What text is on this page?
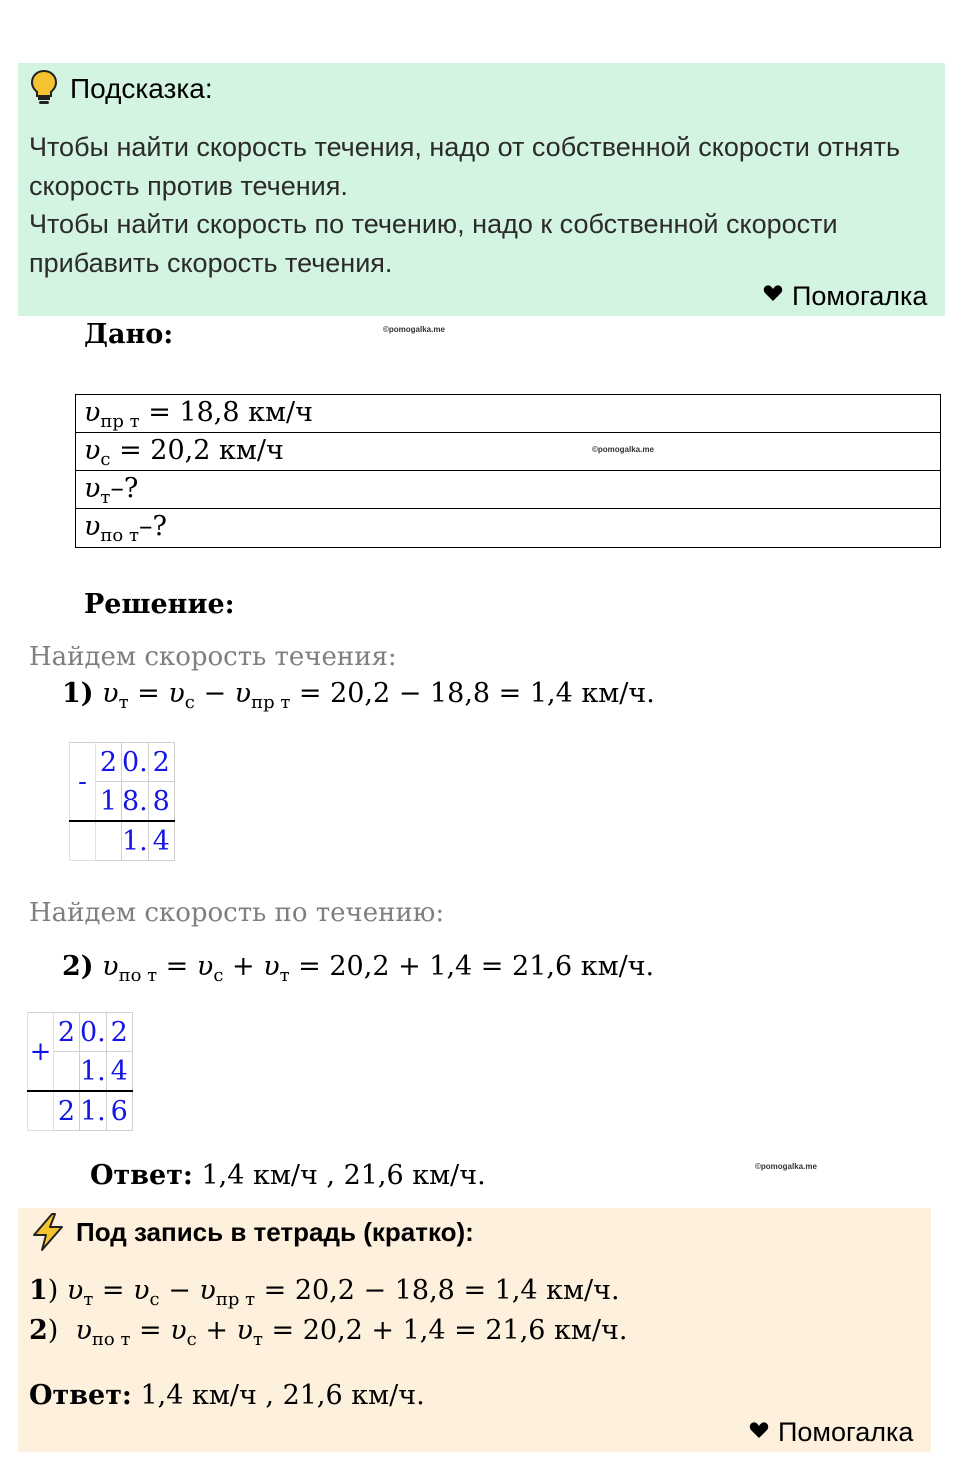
Подсказка:
Чтобы найти скорость течения, надо от собственной скорости отнять скорость против течения.
Чтобы найти скорость по течению, надо к собственной скорости прибавить скорость течения.
Помогалка
Дано:	©pomogalka.me
$\upsilon_{пр т} = 18,8$ км/ч
$\upsilon_с = 20,2$ км/ч
$\upsilon_т-$?
$\upsilon_{по т}-$?
©pomogalka.me
Решение:
Найдем скорость течения:
1) $\upsilon_т = \upsilon_с - \upsilon_{пр т} = 20,2 - 18,8 = 1,4$ км/ч.
-	2	0.	2
	1	8.	8
		1.	4
Найдем скорость по течению:
2) $\upsilon_{по т} = \upsilon_с + \upsilon_т = 20,2 + 1,4 = 21,6$ км/ч.
+	2	0.	2
		1.	4
	2	1.	6
Ответ: 1,4 км/ч , 21,6 км/ч.	©pomogalka.me
Под запись в тетрадь (кратко):
1) $\upsilon_т = \upsilon_с - \upsilon_{пр т} = 20,2 - 18,8 = 1,4$ км/ч.
2)  $\upsilon_{по т} = \upsilon_с + \upsilon_т = 20,2 + 1,4 = 21,6$ км/ч.
Ответ: 1,4 км/ч , 21,6 км/ч.
Помогалка
